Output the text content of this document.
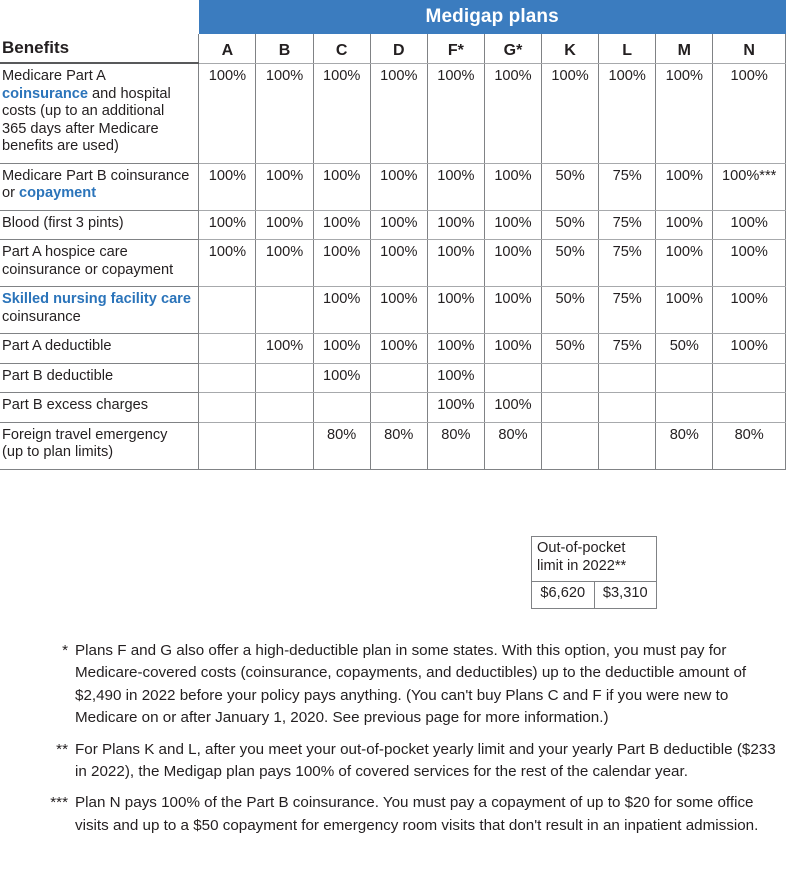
	Medigap plans									
Benefits	A	B	C	D	F*	G*	K	L	M	N
Medicare Part A coinsurance and hospital costs (up to an additional 365 days after Medicare benefits are used)	100%	100%	100%	100%	100%	100%	100%	100%	100%	100%
Medicare Part B coinsurance or copayment	100%	100%	100%	100%	100%	100%	50%	75%	100%	100%***
Blood (first 3 pints)	100%	100%	100%	100%	100%	100%	50%	75%	100%	100%
Part A hospice care coinsurance or copayment	100%	100%	100%	100%	100%	100%	50%	75%	100%	100%
Skilled nursing facility care coinsurance			100%	100%	100%	100%	50%	75%	100%	100%
Part A deductible		100%	100%	100%	100%	100%	50%	75%	50%	100%
Part B deductible			100%		100%					
Part B excess charges					100%	100%				
Foreign travel emergency (up to plan limits)			80%	80%	80%	80%			80%	80%
Out-of-pocket limit in 2022**
$6,620	$3,310
* Plans F and G also offer a high-deductible plan in some states. With this option, you must pay for Medicare-covered costs (coinsurance, copayments, and deductibles) up to the deductible amount of $2,490 in 2022 before your policy pays anything. (You can't buy Plans C and F if you were new to Medicare on or after January 1, 2020. See previous page for more information.)
** For Plans K and L, after you meet your out-of-pocket yearly limit and your yearly Part B deductible ($233 in 2022), the Medigap plan pays 100% of covered services for the rest of the calendar year.
*** Plan N pays 100% of the Part B coinsurance. You must pay a copayment of up to $20 for some office visits and up to a $50 copayment for emergency room visits that don't result in an inpatient admission.
